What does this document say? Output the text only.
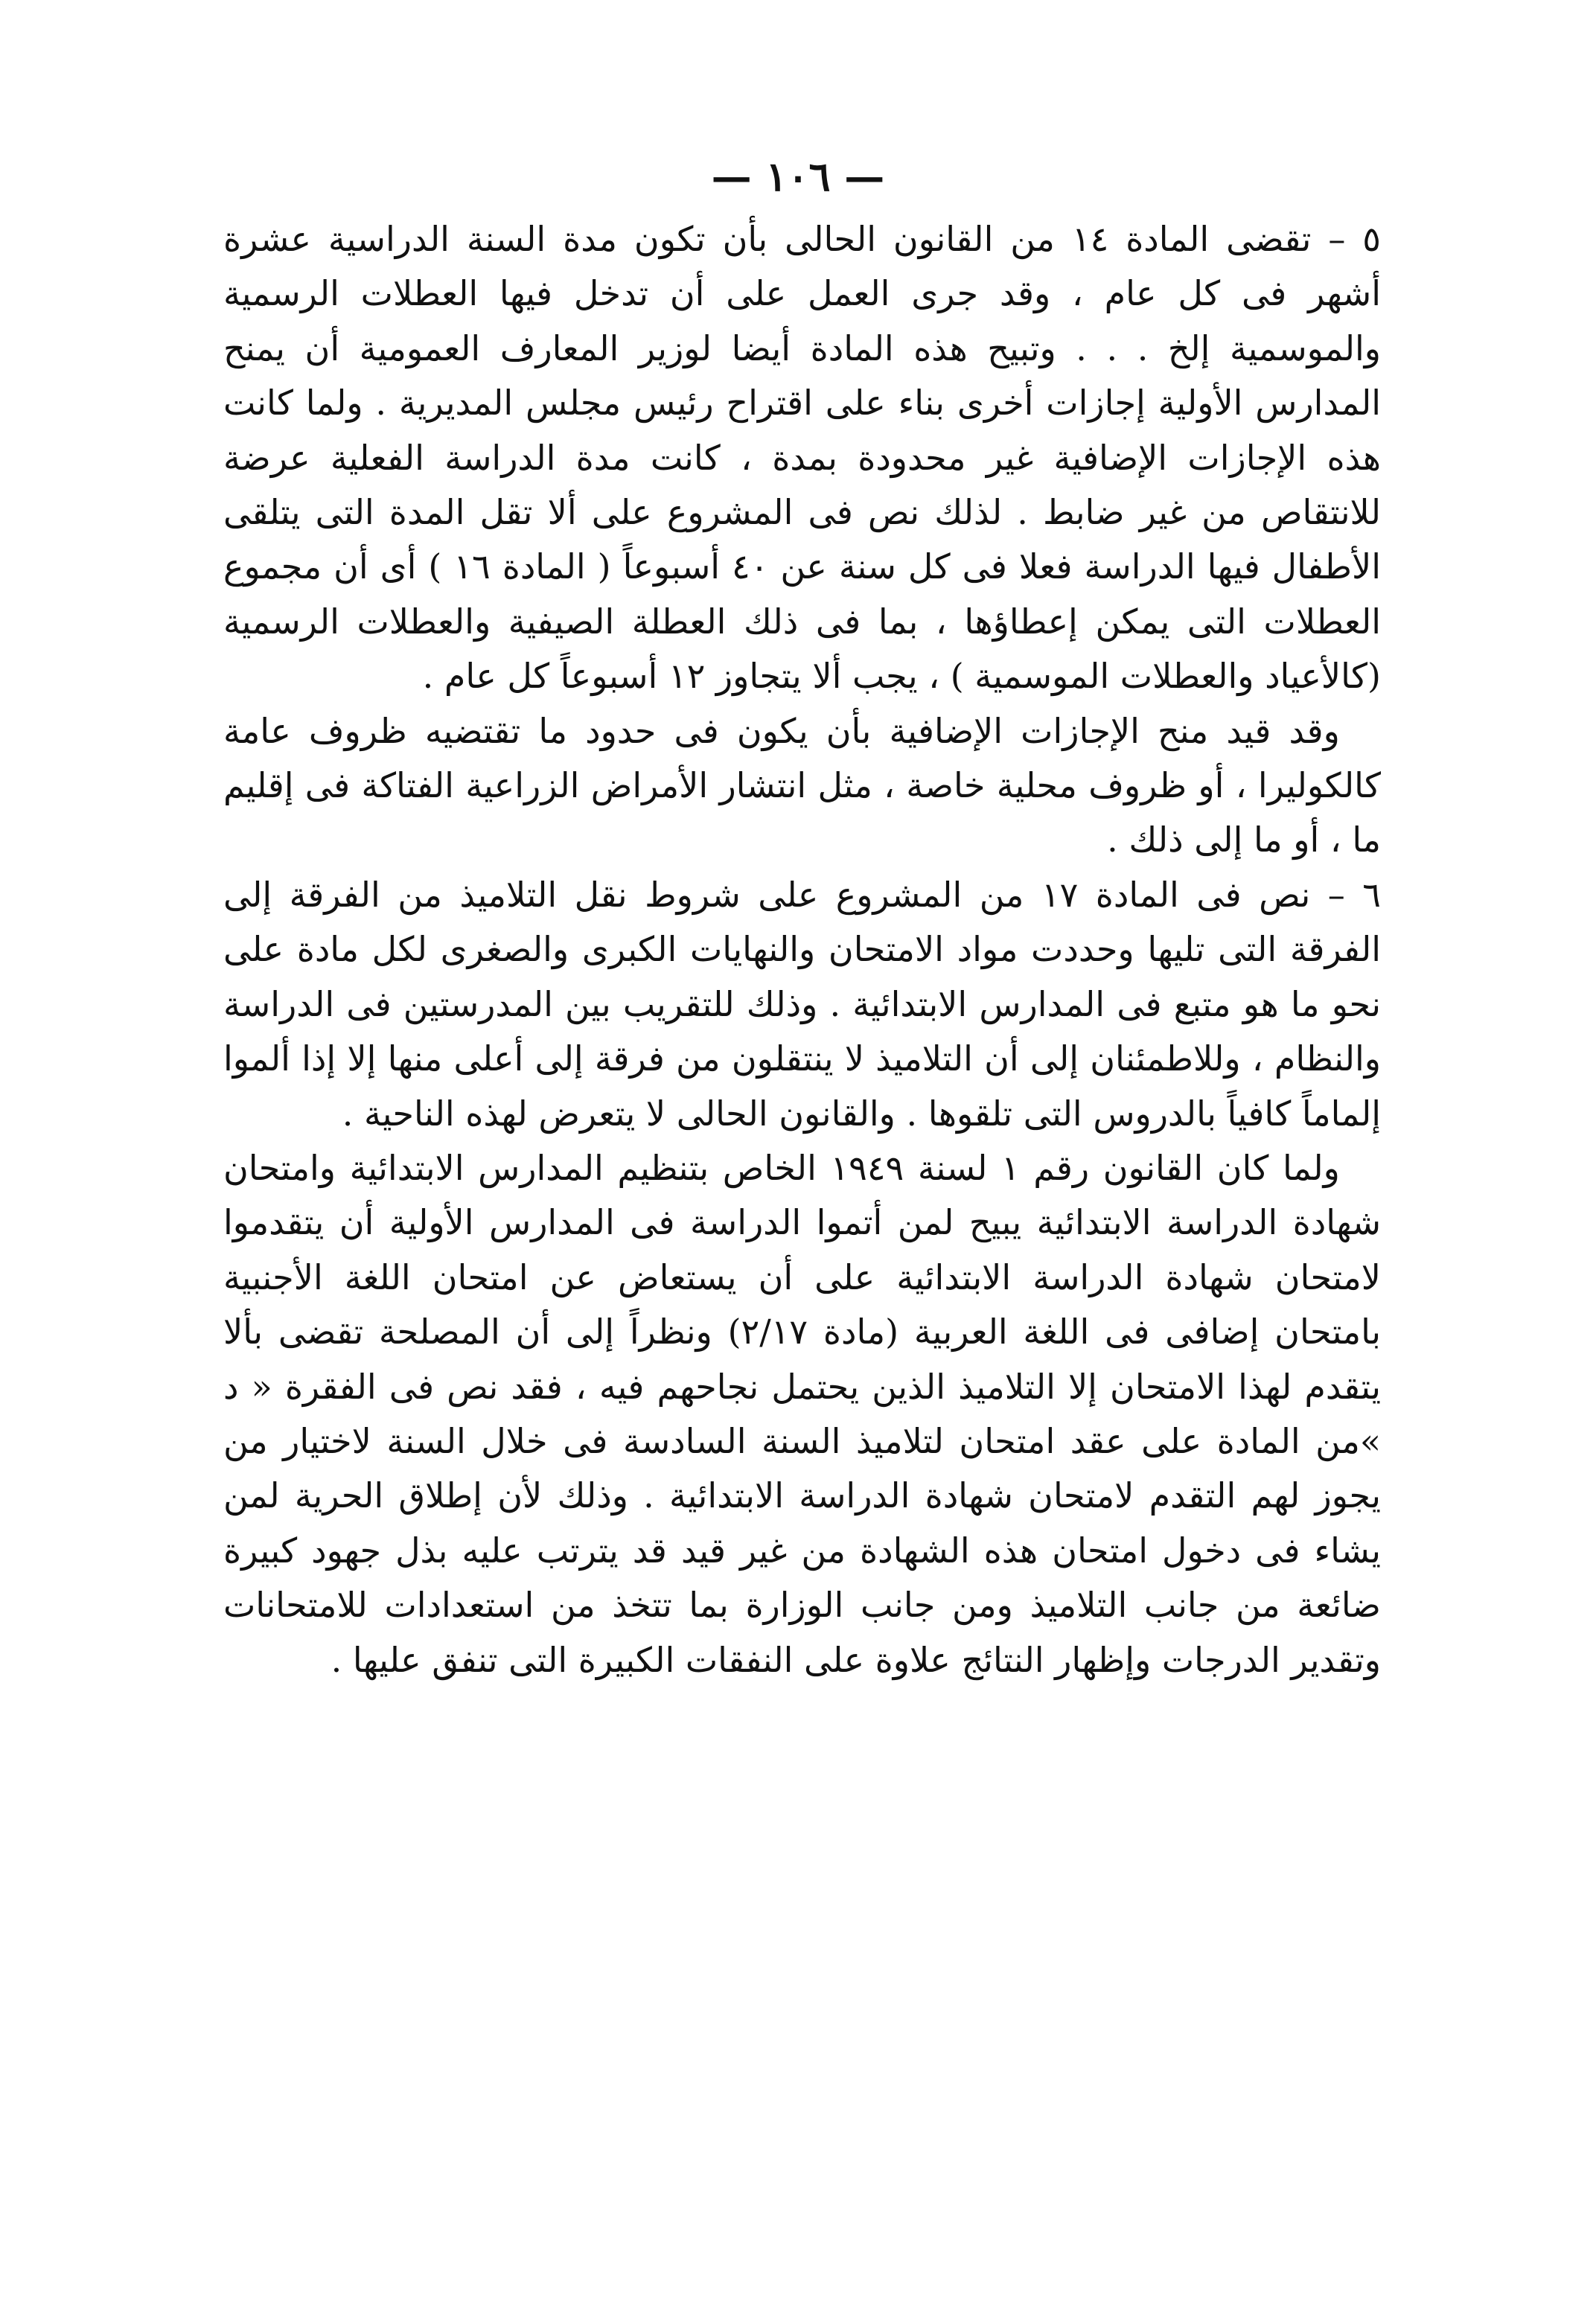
— ١٠٦ —

٥ – تقضى المادة ١٤ من القانون الحالى بأن تكون مدة السنة الدراسية عشرة أشهر فى كل عام ، وقد جرى العمل على أن تدخل فيها العطلات الرسمية والموسمية إلخ . . . وتبيح هذه المادة أيضا لوزير المعارف العمومية أن يمنح المدارس الأولية إجازات أخرى بناء على اقتراح رئيس مجلس المديرية . ولما كانت هذه الإجازات الإضافية غير محدودة بمدة ، كانت مدة الدراسة الفعلية عرضة للانتقاص من غير ضابط . لذلك نص فى المشروع على ألا تقل المدة التى يتلقى الأطفال فيها الدراسة فعلا فى كل سنة عن ٤٠ أسبوعاً ( المادة ١٦ ) أى أن مجموع العطلات التى يمكن إعطاؤها ، بما فى ذلك العطلة الصيفية والعطلات الرسمية (كالأعياد والعطلات الموسمية ) ، يجب ألا يتجاوز ١٢ أسبوعاً كل عام .

وقد قيد منح الإجازات الإضافية بأن يكون فى حدود ما تقتضيه ظروف عامة كالكوليرا ، أو ظروف محلية خاصة ، مثل انتشار الأمراض الزراعية الفتاكة فى إقليم ما ، أو ما إلى ذلك .

٦ – نص فى المادة ١٧ من المشروع على شروط نقل التلاميذ من الفرقة إلى الفرقة التى تليها وحددت مواد الامتحان والنهايات الكبرى والصغرى لكل مادة على نحو ما هو متبع فى المدارس الابتدائية . وذلك للتقريب بين المدرستين فى الدراسة والنظام ، وللاطمئنان إلى أن التلاميذ لا ينتقلون من فرقة إلى أعلى منها إلا إذا ألموا إلماماً كافياً بالدروس التى تلقوها . والقانون الحالى لا يتعرض لهذه الناحية .

ولما كان القانون رقم ١ لسنة ١٩٤٩ الخاص بتنظيم المدارس الابتدائية وامتحان شهادة الدراسة الابتدائية يبيح لمن أتموا الدراسة فى المدارس الأولية أن يتقدموا لامتحان شهادة الدراسة الابتدائية على أن يستعاض عن امتحان اللغة الأجنبية بامتحان إضافى فى اللغة العربية (مادة ٢/١٧) ونظراً إلى أن المصلحة تقضى بألا يتقدم لهذا الامتحان إلا التلاميذ الذين يحتمل نجاحهم فيه ، فقد نص فى الفقرة « د »من المادة على عقد امتحان لتلاميذ السنة السادسة فى خلال السنة لاختيار من يجوز لهم التقدم لامتحان شهادة الدراسة الابتدائية . وذلك لأن إطلاق الحرية لمن يشاء فى دخول امتحان هذه الشهادة من غير قيد قد يترتب عليه بذل جهود كبيرة ضائعة من جانب التلاميذ ومن جانب الوزارة بما تتخذ من استعدادات للامتحانات وتقدير الدرجات وإظهار النتائج علاوة على النفقات الكبيرة التى تنفق عليها .
